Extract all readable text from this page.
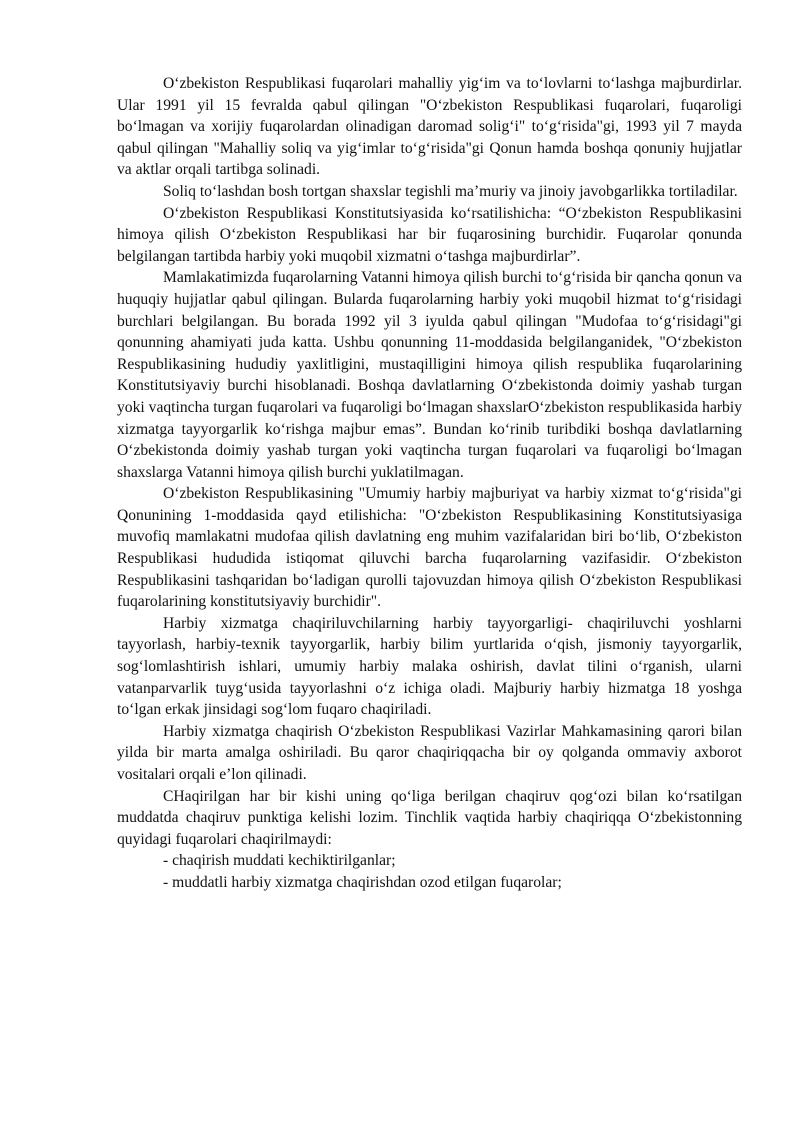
O‘zbekiston Respublikasi fuqarolari mahalliy yig‘im va to‘lovlarni to‘lashga majburdirlar. Ular 1991 yil 15 fevralda qabul qilingan "O‘zbekiston Respublikasi fuqarolari, fuqaroligi bo‘lmagan va xorijiy fuqarolardan olinadigan daromad solig‘i" to‘g‘risida"gi, 1993 yil 7 mayda qabul qilingan "Mahalliy soliq va yig‘imlar to‘g‘risida"gi Qonun hamda boshqa qonuniy hujjatlar va aktlar orqali tartibga solinadi.

Soliq to‘lashdan bosh tortgan shaxslar tegishli ma’muriy va jinoiy javobgarlikka tortiladilar.

O‘zbekiston Respublikasi Konstitutsiyasida ko‘rsatilishicha: “O‘zbekiston Respublikasini himoya qilish O‘zbekiston Respublikasi har bir fuqarosining burchidir. Fuqarolar qonunda belgilangan tartibda harbiy yoki muqobil xizmatni o‘tashga majburdirlar”.

Mamlakatimizda fuqarolarning Vatanni himoya qilish burchi to‘g‘risida bir qancha qonun va huquqiy hujjatlar qabul qilingan. Bularda fuqarolarning harbiy yoki muqobil hizmat to‘g‘risidagi burchlari belgilangan. Bu borada 1992 yil 3 iyulda qabul qilingan "Mudofaa to‘g‘risidagi"gi qonunning ahamiyati juda katta. Ushbu qonunning 11-moddasida belgilanganidek, "O‘zbekiston Respublikasining hududiy yaxlitligini, mustaqilligini himoya qilish respublika fuqarolarining Konstitutsiyaviy burchi hisoblanadi. Boshqa davlatlarning O‘zbekistonda doimiy yashab turgan yoki vaqtincha turgan fuqarolari va fuqaroligi bo‘lmagan shaxslarO‘zbekiston respublikasida harbiy xizmatga tayyorgarlik ko‘rishga majbur emas”. Bundan ko‘rinib turibdiki boshqa davlatlarning O‘zbekistonda doimiy yashab turgan yoki vaqtincha turgan fuqarolari va fuqaroligi bo‘lmagan shaxslarga Vatanni himoya qilish burchi yuklatilmagan.

O‘zbekiston Respublikasining "Umumiy harbiy majburiyat va harbiy xizmat to‘g‘risida"gi Qonunining 1-moddasida qayd etilishicha: "O‘zbekiston Respublikasining Konstitutsiyasiga muvofiq mamlakatni mudofaa qilish davlatning eng muhim vazifalaridan biri bo‘lib, O‘zbekiston Respublikasi hududida istiqomat qiluvchi barcha fuqarolarning vazifasidir. O‘zbekiston Respublikasini tashqaridan bo‘ladigan qurolli tajovuzdan himoya qilish O‘zbekiston Respublikasi fuqarolarining konstitutsiyaviy burchidir".

Harbiy xizmatga chaqiriluvchilarning harbiy tayyorgarligi- chaqiriluvchi yoshlarni tayyorlash, harbiy-texnik tayyorgarlik, harbiy bilim yurtlarida o‘qish, jismoniy tayyorgarlik, sog‘lomlashtirish ishlari, umumiy harbiy malaka oshirish, davlat tilini o‘rganish, ularni vatanparvarlik tuyg‘usida tayyorlashni o‘z ichiga oladi. Majburiy harbiy hizmatga 18 yoshga to‘lgan erkak jinsidagi sog‘lom fuqaro chaqiriladi.

Harbiy xizmatga chaqirish O‘zbekiston Respublikasi Vazirlar Mahkamasining qarori bilan yilda bir marta amalga oshiriladi. Bu qaror chaqiriqqacha bir oy qolganda ommaviy axborot vositalari orqali e’lon qilinadi.

CHaqirilgan har bir kishi uning qo‘liga berilgan chaqiruv qog‘ozi bilan ko‘rsatilgan muddatda chaqiruv punktiga kelishi lozim. Tinchlik vaqtida harbiy chaqiriqqa O‘zbekistonning quyidagi fuqarolari chaqirilmaydi:

- chaqirish muddati kechiktirilganlar;

- muddatli harbiy xizmatga chaqirishdan ozod etilgan fuqarolar;
